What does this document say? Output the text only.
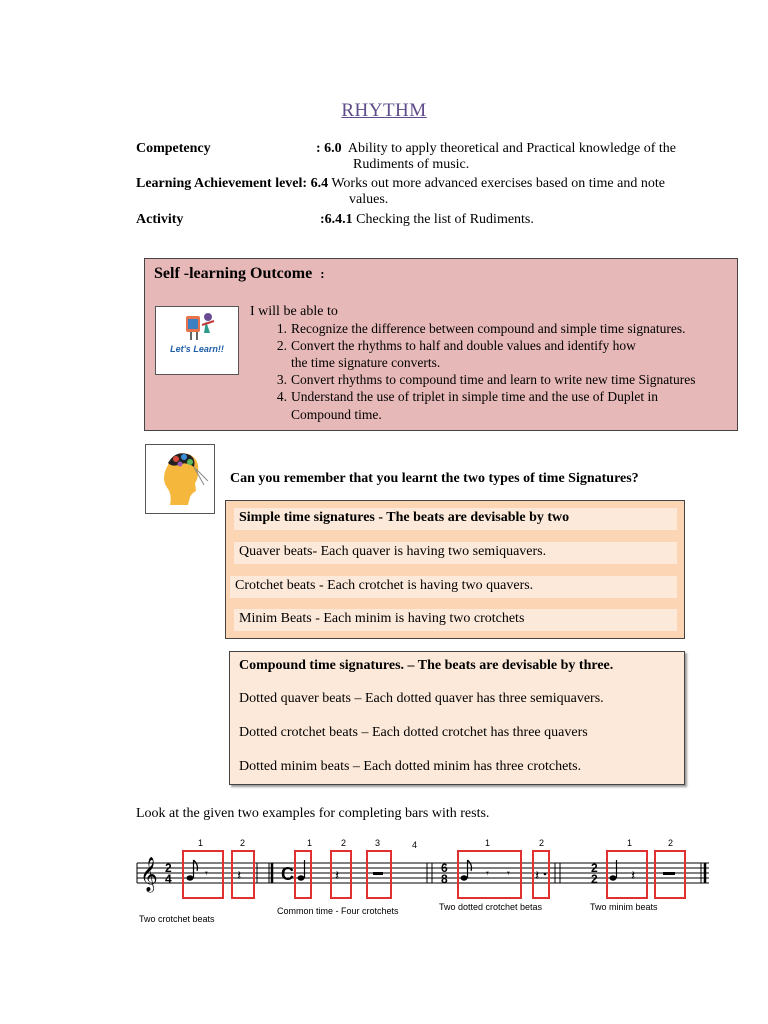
RHYTHM
Competency	: 6.0 Ability to apply theoretical and Practical knowledge of the
Rudiments of music.
Learning Achievement level: 6.4 Works out more advanced exercises based on time and note
values.
Activity	:6.4.1 Checking the list of Rudiments.
Self -learning Outcome :
Let's Learn!!
I will be able to
1. Recognize the difference between compound and simple time signatures.
2. Convert the rhythms to half and double values and identify how
the time signature converts.
3. Convert rhythms to compound time and learn to write new time Signatures
4. Understand the use of triplet in simple time and the use of Duplet in
Compound time.
Can you remember that you learnt the two types of time Signatures?
Simple time signatures - The beats are devisable by two
Quaver beats- Each quaver is having two semiquavers.
Crotchet beats - Each crotchet is having two quavers.
Minim Beats - Each minim is having two crotchets
Compound time signatures. – The beats are devisable by three.
Dotted quaver beats – Each dotted quaver has three semiquavers.
Dotted crotchet beats – Each dotted crotchet has three quavers
Dotted minim beats – Each dotted minim has three crotchets.
Look at the given two examples for completing bars with rests.
𝄞 2
4
1
𝄾
2
𝄽
Two crotchet beats
C
1	2
𝄽
3	4
Common time - Four crotchets
6
8
1
𝄾 𝄾
2
𝄽
Two dotted crotchet betas
2
2
1
𝄽
2
Two minim beats
